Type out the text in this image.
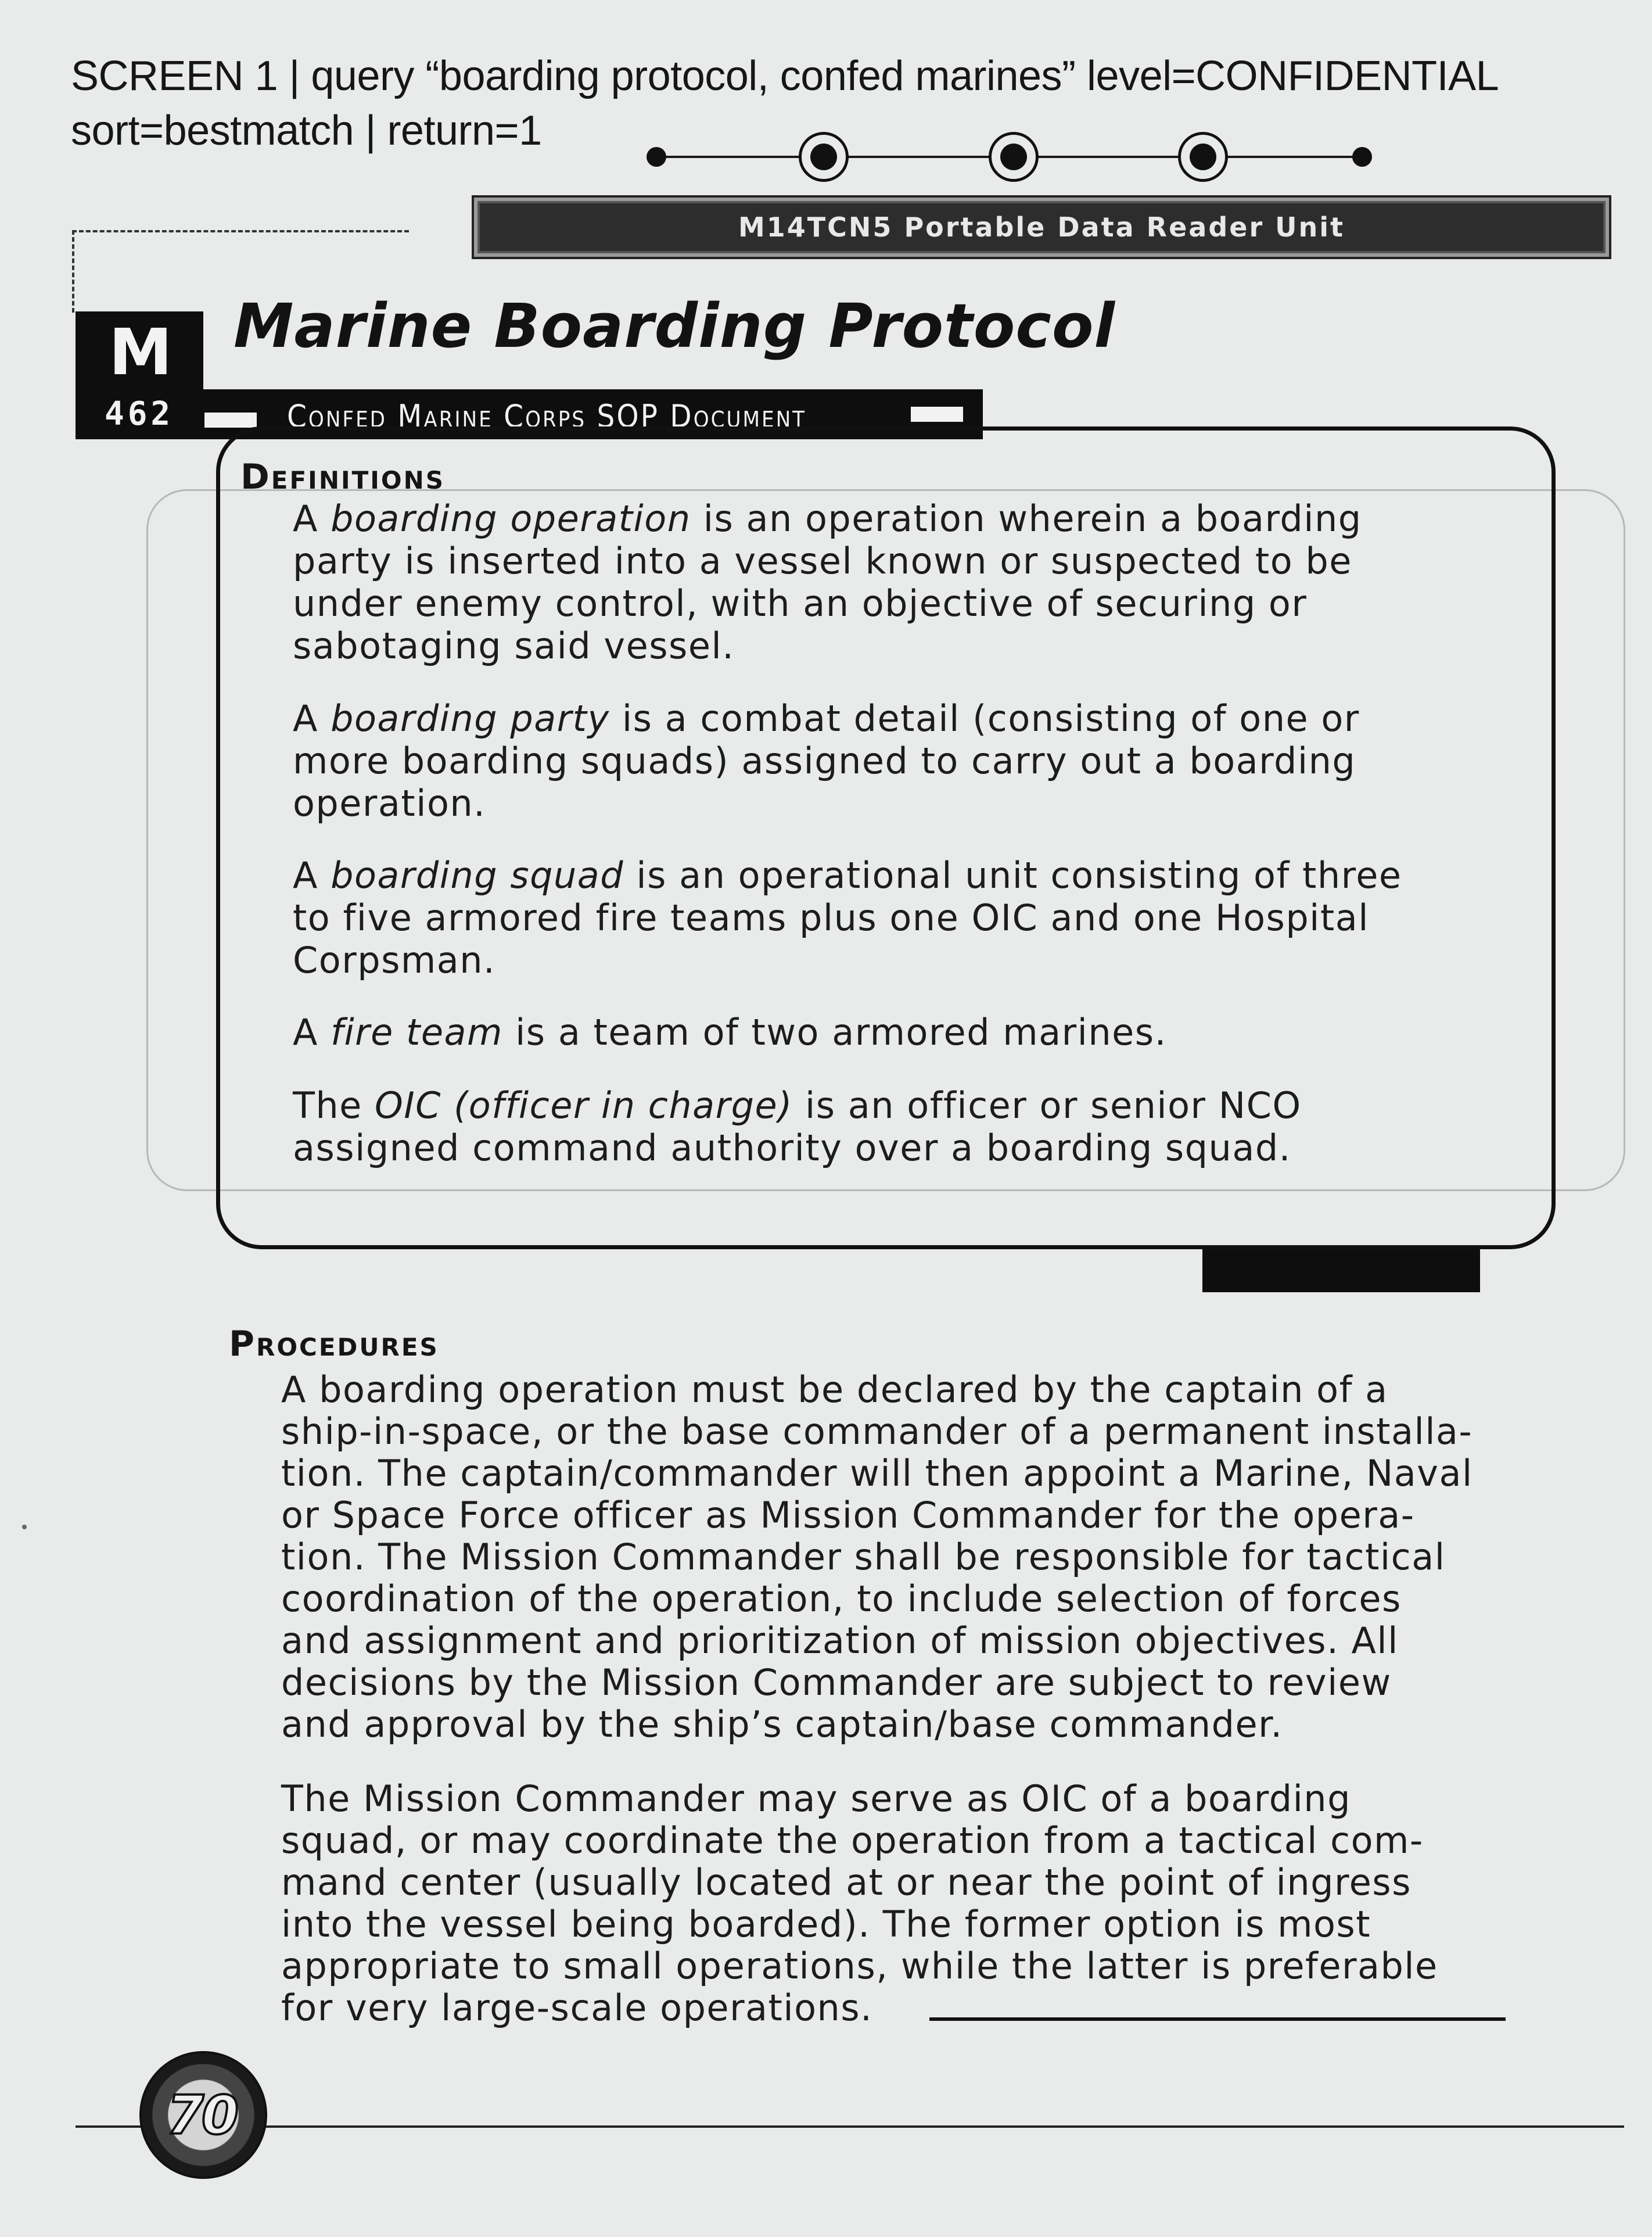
SCREEN 1 | query “boarding protocol, confed marines” level=CONFIDENTIAL
sort=bestmatch | return=1
M14TCN5 Portable Data Reader Unit
M Marine Boarding Protocol
462	Confed Marine Corps SOP Document
Definitions

A boarding operation is an operation wherein a boarding
party is inserted into a vessel known or suspected to be
under enemy control, with an objective of securing or
sabotaging said vessel.

A boarding party is a combat detail (consisting of one or
more boarding squads) assigned to carry out a boarding
operation.

A boarding squad is an operational unit consisting of three
to five armored fire teams plus one OIC and one Hospital
Corpsman.

A fire team is a team of two armored marines.

The OIC (officer in charge) is an officer or senior NCO
assigned command authority over a boarding squad.

Procedures

A boarding operation must be declared by the captain of a
ship-in-space, or the base commander of a permanent installa-
tion. The captain/commander will then appoint a Marine, Naval
or Space Force officer as Mission Commander for the opera-
tion. The Mission Commander shall be responsible for tactical
coordination of the operation, to include selection of forces
and assignment and prioritization of mission objectives. All
decisions by the Mission Commander are subject to review
and approval by the ship’s captain/base commander.

The Mission Commander may serve as OIC of a boarding
squad, or may coordinate the operation from a tactical com-
mand center (usually located at or near the point of ingress
into the vessel being boarded). The former option is most
appropriate to small operations, while the latter is preferable
for very large-scale operations.

70
